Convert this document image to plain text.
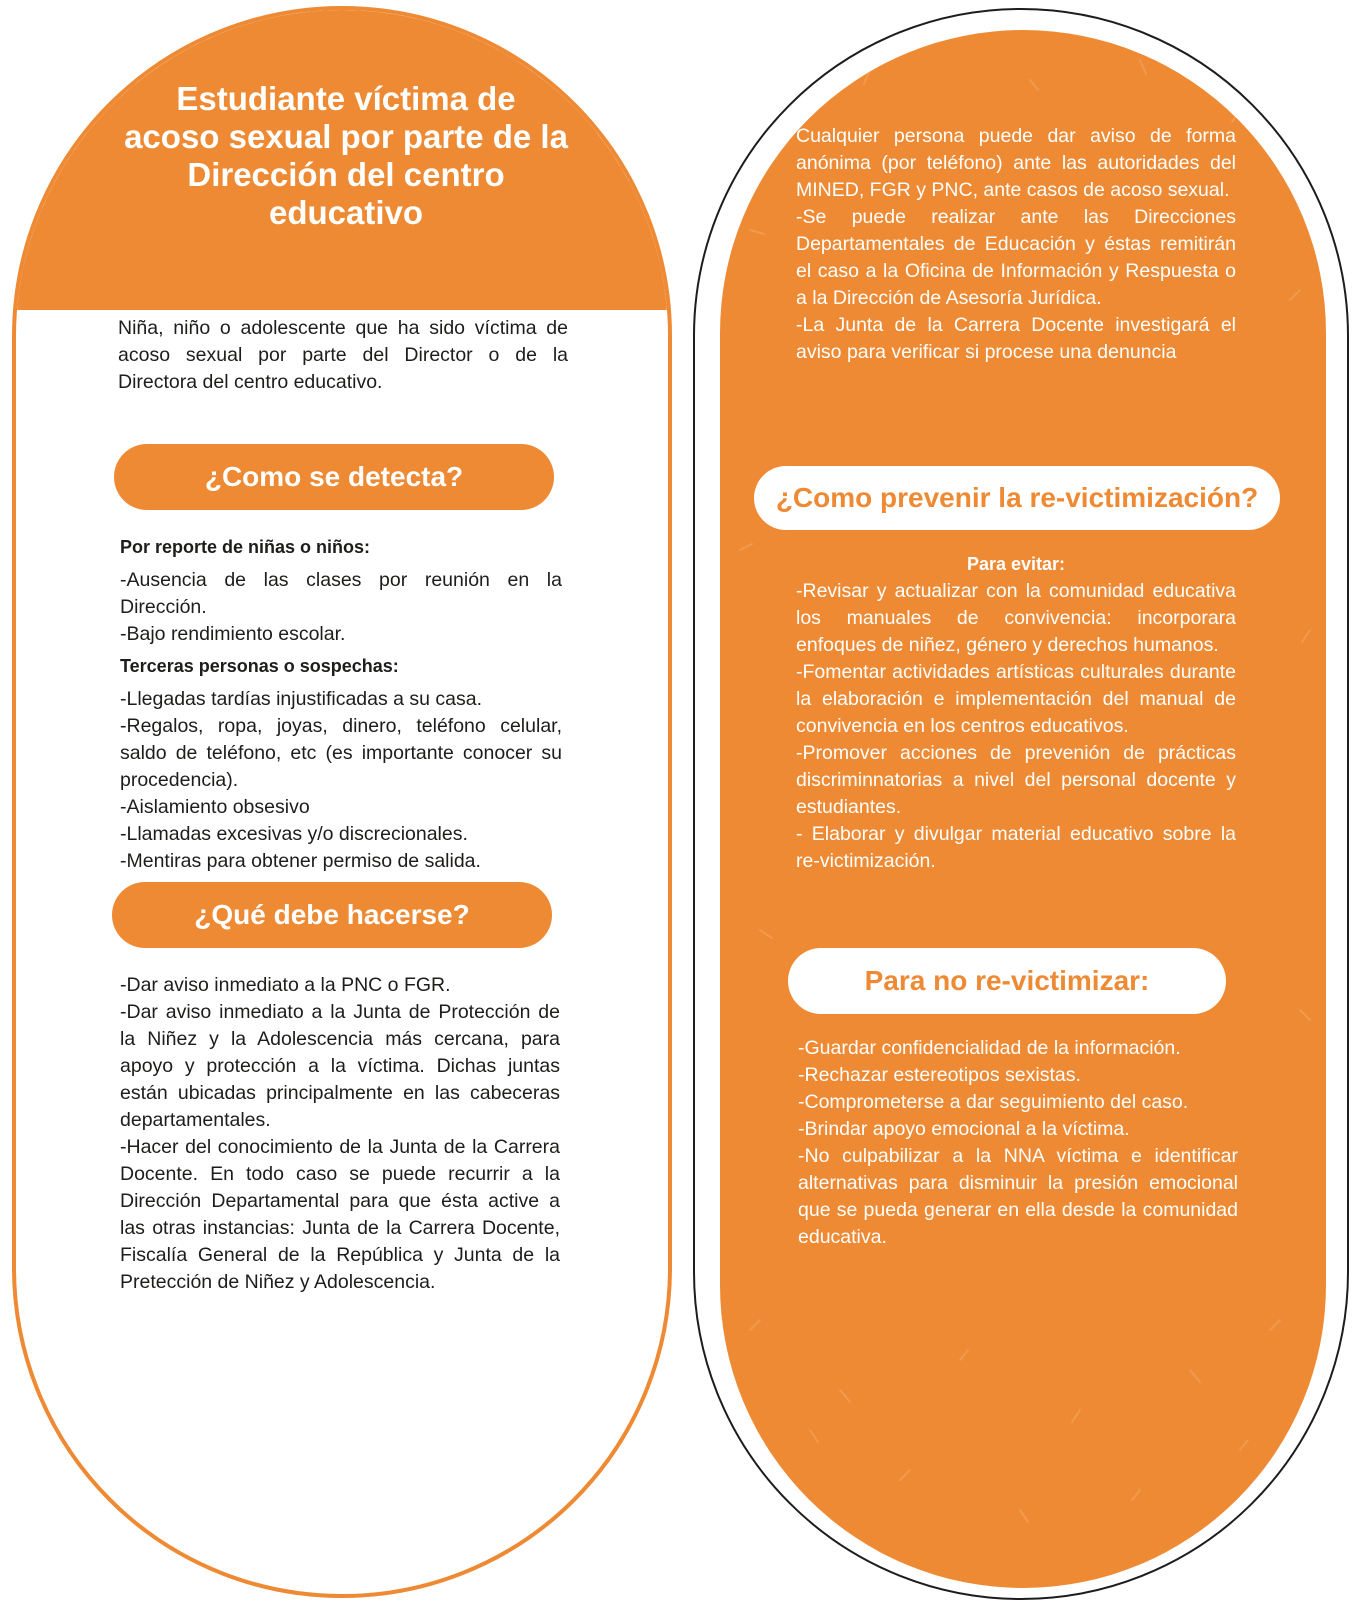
Estudiante víctima de
acoso sexual por parte de la
Dirección del centro
educativo
Niña, niño o adolescente que ha sido víctima de acoso sexual por parte del Director o de la Directora del centro educativo.
¿Como se detecta?

Por reporte de niñas o niños:

-Ausencia de las clases por reunión en la Dirección.

-Bajo rendimiento escolar.

Terceras personas o sospechas:

-Llegadas tardías injustificadas a su casa.

-Regalos, ropa, joyas, dinero, teléfono celular, saldo de teléfono, etc (es importante conocer su procedencia).

-Aislamiento obsesivo

-Llamadas excesivas y/o discrecionales.

-Mentiras para obtener permiso de salida.

¿Qué debe hacerse?

-Dar aviso inmediato a la PNC o FGR.

-Dar aviso inmediato a la Junta de Protección de la Niñez y la Adolescencia más cercana, para apoyo y protección a la víctima. Dichas juntas están ubicadas principalmente en las cabeceras departamentales.

-Hacer del conocimiento de la Junta de la Carrera Docente. En todo caso se puede recurrir a la Dirección Departamental para que ésta active a las otras instancias: Junta de la Carrera Docente, Fiscalía General de la República y Junta de la Pretección de Niñez y Adolescencia.

Cualquier persona puede dar aviso de forma anónima (por teléfono) ante las autoridades del MINED, FGR y PNC, ante casos de acoso sexual.

-Se puede realizar ante las Direcciones Departamentales de Educación y éstas remitirán el caso a la Oficina de Información y Respuesta o a la Dirección de Asesoría Jurídica.

-La Junta de la Carrera Docente investigará el aviso para verificar si procese una denuncia

¿Como prevenir la re-victimización?

Para evitar:

-Revisar y actualizar con la comunidad educativa los manuales de convivencia: incorporara enfoques de niñez, género y derechos humanos.

-Fomentar actividades artísticas culturales durante la elaboración e implementación del manual de convivencia en los centros educativos.

-Promover acciones de prevenión de prácticas discriminnatorias a nivel del personal docente y estudiantes.

- Elaborar y divulgar material educativo sobre la re-victimización.

Para no re-victimizar:

-Guardar confidencialidad de la información.

-Rechazar estereotipos sexistas.

-Comprometerse a dar seguimiento del caso.

-Brindar apoyo emocional a la víctima.

-No culpabilizar a la NNA víctima e identificar alternativas para disminuir la presión emocional que se pueda generar en ella desde la comunidad educativa.
